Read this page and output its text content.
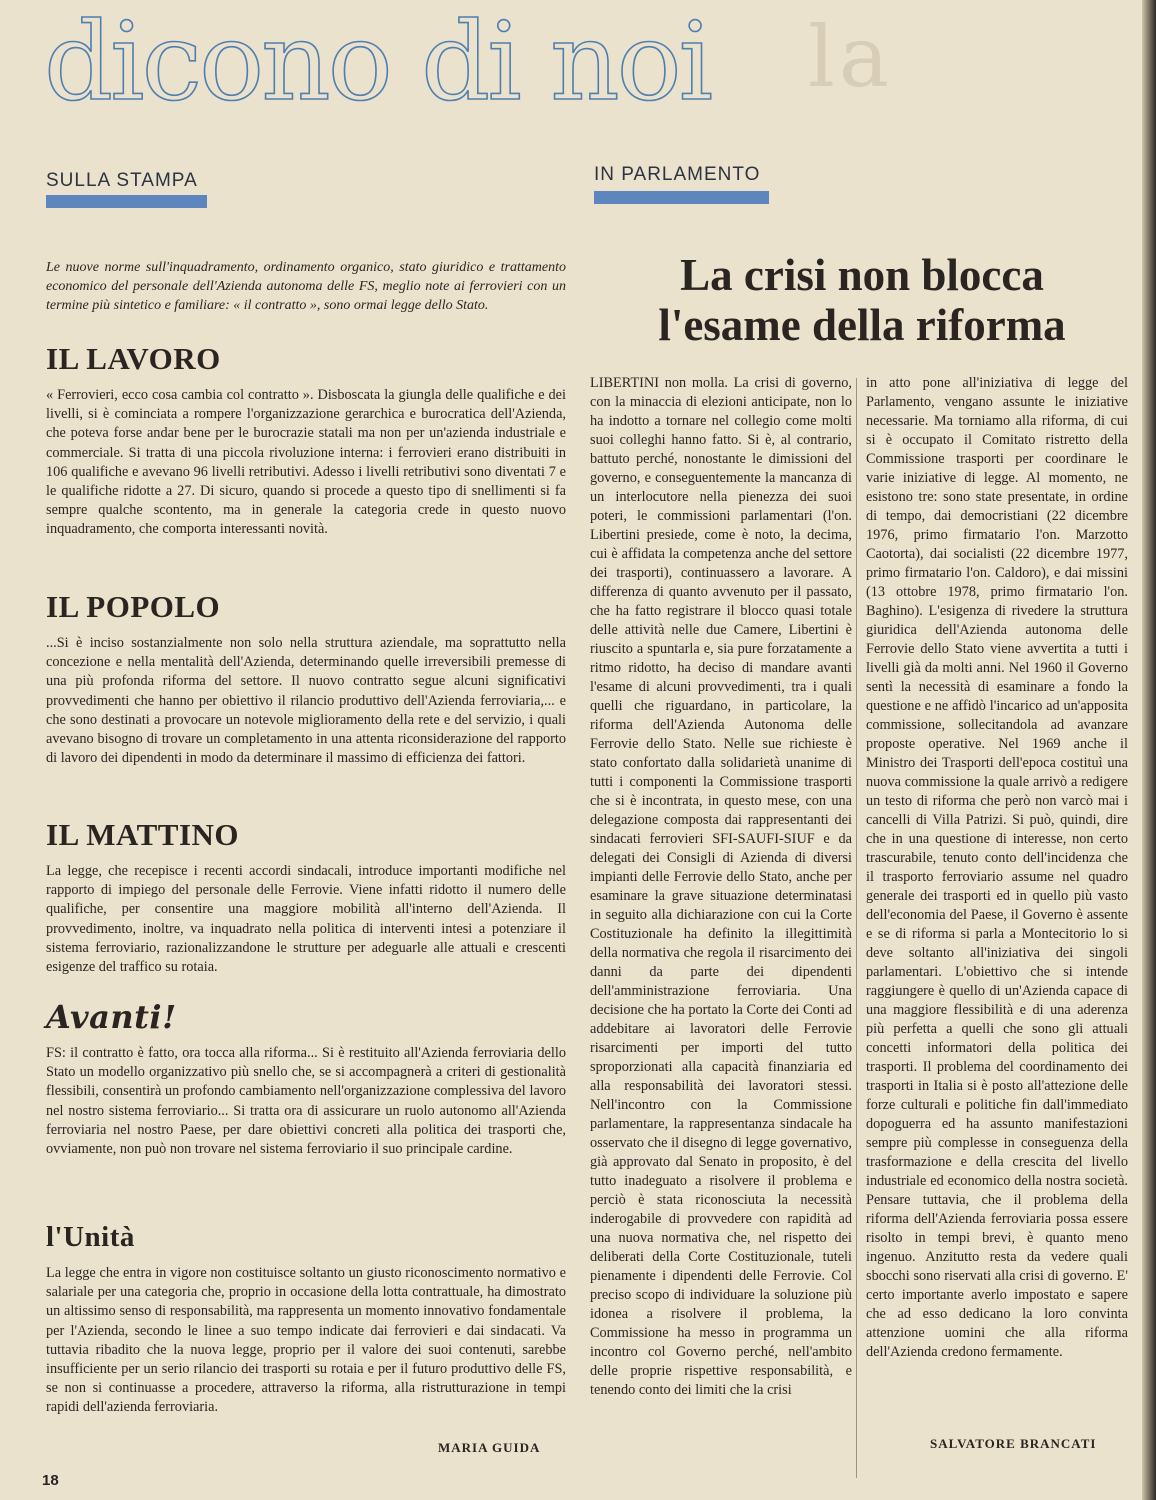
la
dicono di noi
SULLA STAMPA	IN PARLAMENTO

Le nuove norme sull'inquadramento, ordinamento organico, stato giuridico e trattamento economico del personale dell'Azienda autonoma delle FS, meglio note ai ferrovieri con un termine più sintetico e familiare: « il contratto », sono ormai legge dello Stato.

IL LAVORO

« Ferrovieri, ecco cosa cambia col contratto ». Disboscata la giungla delle qualifiche e dei livelli, si è cominciata a rompere l'organizzazione gerarchica e burocratica dell'Azienda, che poteva forse andar bene per le burocrazie statali ma non per un'azienda industriale e commerciale. Si tratta di una piccola rivoluzione interna: i ferrovieri erano distribuiti in 106 qualifiche e avevano 96 livelli retributivi. Adesso i livelli retributivi sono diventati 7 e le qualifiche ridotte a 27. Di sicuro, quando si procede a questo tipo di snellimenti si fa sempre qualche scontento, ma in generale la categoria crede in questo nuovo inquadramento, che comporta interessanti novità.

IL POPOLO

...Si è inciso sostanzialmente non solo nella struttura aziendale, ma soprattutto nella concezione e nella mentalità dell'Azienda, determinando quelle irreversibili premesse di una più profonda riforma del settore. Il nuovo contratto segue alcuni significativi provvedimenti che hanno per obiettivo il rilancio produttivo dell'Azienda ferroviaria,... e che sono destinati a provocare un notevole miglioramento della rete e del servizio, i quali avevano bisogno di trovare un completamento in una attenta riconsiderazione del rapporto di lavoro dei dipendenti in modo da determinare il massimo di efficienza dei fattori.

IL MATTINO

La legge, che recepisce i recenti accordi sindacali, introduce importanti modifiche nel rapporto di impiego del personale delle Ferrovie. Viene infatti ridotto il numero delle qualifiche, per consentire una maggiore mobilità all'interno dell'Azienda. Il provvedimento, inoltre, va inquadrato nella politica di interventi intesi a potenziare il sistema ferroviario, razionalizzandone le strutture per adeguarle alle attuali e crescenti esigenze del traffico su rotaia.

Avanti!

FS: il contratto è fatto, ora tocca alla riforma... Si è restituito all'Azienda ferroviaria dello Stato un modello organizzativo più snello che, se si accompagnerà a criteri di gestionalità flessibili, consentirà un profondo cambiamento nell'organizzazione complessiva del lavoro nel nostro sistema ferroviario... Si tratta ora di assicurare un ruolo autonomo all'Azienda ferroviaria nel nostro Paese, per dare obiettivi concreti alla politica dei trasporti che, ovviamente, non può non trovare nel sistema ferroviario il suo principale cardine.

l'Unità

La legge che entra in vigore non costituisce soltanto un giusto riconoscimento normativo e salariale per una categoria che, proprio in occasione della lotta contrattuale, ha dimostrato un altissimo senso di responsabilità, ma rappresenta un momento innovativo fondamentale per l'Azienda, secondo le linee a suo tempo indicate dai ferrovieri e dai sindacati. Va tuttavia ribadito che la nuova legge, proprio per il valore dei suoi contenuti, sarebbe insufficiente per un serio rilancio dei trasporti su rotaia e per il futuro produttivo delle FS, se non si continuasse a procedere, attraverso la riforma, alla ristrutturazione in tempi rapidi dell'azienda ferroviaria.

MARIA GUIDA
La crisi non blocca
l'esame della riforma

LIBERTINI non molla. La crisi di governo, con la minaccia di elezioni anticipate, non lo ha indotto a tornare nel collegio come molti suoi colleghi hanno fatto. Si è, al contrario, battuto perché, nonostante le dimissioni del governo, e conseguentemente la mancanza di un interlocutore nella pienezza dei suoi poteri, le commissioni parlamentari (l'on. Libertini presiede, come è noto, la decima, cui è affidata la competenza anche del settore dei trasporti), continuassero a lavorare. A differenza di quanto avvenuto per il passato, che ha fatto registrare il blocco quasi totale delle attività nelle due Camere, Libertini è riuscito a spuntarla e, sia pure forzatamente a ritmo ridotto, ha deciso di mandare avanti l'esame di alcuni provvedimenti, tra i quali quelli che riguardano, in particolare, la riforma dell'Azienda Autonoma delle Ferrovie dello Stato. Nelle sue richieste è stato confortato dalla solidarietà unanime di tutti i componenti la Commissione trasporti che si è incontrata, in questo mese, con una delegazione composta dai rappresentanti dei sindacati ferrovieri SFI-SAUFI-SIUF e da delegati dei Consigli di Azienda di diversi impianti delle Ferrovie dello Stato, anche per esaminare la grave situazione determinatasi in seguito alla dichiarazione con cui la Corte Costituzionale ha definito la illegittimità della normativa che regola il risarcimento dei danni da parte dei dipendenti dell'amministrazione ferroviaria. Una decisione che ha portato la Corte dei Conti ad addebitare ai lavoratori delle Ferrovie risarcimenti per importi del tutto sproporzionati alla capacità finanziaria ed alla responsabilità dei lavoratori stessi. Nell'incontro con la Commissione parlamentare, la rappresentanza sindacale ha osservato che il disegno di legge governativo, già approvato dal Senato in proposito, è del tutto inadeguato a risolvere il problema e perciò è stata riconosciuta la necessità inderogabile di provvedere con rapidità ad una nuova normativa che, nel rispetto dei deliberati della Corte Costituzionale, tuteli pienamente i dipendenti delle Ferrovie. Col preciso scopo di individuare la soluzione più idonea a risolvere il problema, la Commissione ha messo in programma un incontro col Governo perché, nell'ambito delle proprie rispettive responsabilità, e tenendo conto dei limiti che la crisi

in atto pone all'iniziativa di legge del Parlamento, vengano assunte le iniziative necessarie. Ma torniamo alla riforma, di cui si è occupato il Comitato ristretto della Commissione trasporti per coordinare le varie iniziative di legge. Al momento, ne esistono tre: sono state presentate, in ordine di tempo, dai democristiani (22 dicembre 1976, primo firmatario l'on. Marzotto Caotorta), dai socialisti (22 dicembre 1977, primo firmatario l'on. Caldoro), e dai missini (13 ottobre 1978, primo firmatario l'on. Baghino). L'esigenza di rivedere la struttura giuridica dell'Azienda autonoma delle Ferrovie dello Stato viene avvertita a tutti i livelli già da molti anni. Nel 1960 il Governo sentì la necessità di esaminare a fondo la questione e ne affidò l'incarico ad un'apposita commissione, sollecitandola ad avanzare proposte operative. Nel 1969 anche il Ministro dei Trasporti dell'epoca costituì una nuova commissione la quale arrivò a redigere un testo di riforma che però non varcò mai i cancelli di Villa Patrizi. Si può, quindi, dire che in una questione di interesse, non certo trascurabile, tenuto conto dell'incidenza che il trasporto ferroviario assume nel quadro generale dei trasporti ed in quello più vasto dell'economia del Paese, il Governo è assente e se di riforma si parla a Montecitorio lo si deve soltanto all'iniziativa dei singoli parlamentari. L'obiettivo che si intende raggiungere è quello di un'Azienda capace di una maggiore flessibilità e di una aderenza più perfetta a quelli che sono gli attuali concetti informatori della politica dei trasporti. Il problema del coordinamento dei trasporti in Italia si è posto all'attezione delle forze culturali e politiche fin dall'immediato dopoguerra ed ha assunto manifestazioni sempre più complesse in conseguenza della trasformazione e della crescita del livello industriale ed economico della nostra società. Pensare tuttavia, che il problema della riforma dell'Azienda ferroviaria possa essere risolto in tempi brevi, è quanto meno ingenuo. Anzitutto resta da vedere quali sbocchi sono riservati alla crisi di governo. E' certo importante averlo impostato e sapere che ad esso dedicano la loro convinta attenzione uomini che alla riforma dell'Azienda credono fermamente.

SALVATORE BRANCATI
18
